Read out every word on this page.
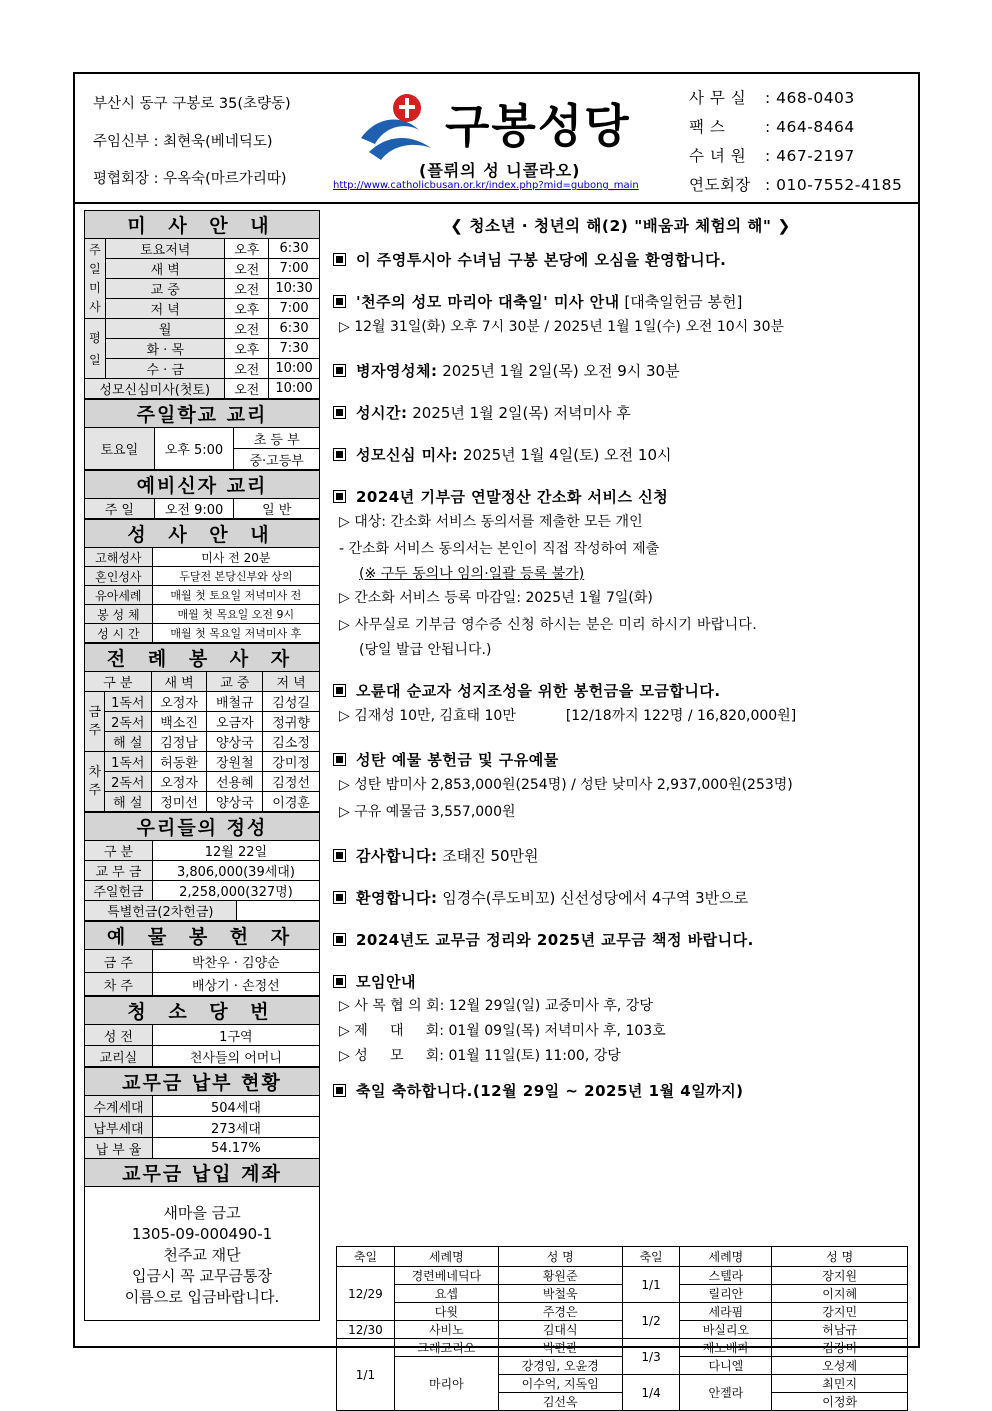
부산시 동구 구봉로 35(초량동)
주임신부 : 최현욱(베네딕도)
평협회장 : 우옥숙(마르가리따)
구봉성당
(플뤼의 성 니콜라오)
http://www.catholicbusan.or.kr/index.php?mid=gubong_main
사 무 실 : 468-0403
팩 스	: 464-8464
수 녀 원 : 467-2197
연도회장 : 010-7552-4185
미 사 안 내			
주일미사	토요저녁	오후	6:30
	새 벽	오전	7:00
	교 중	오전	10:30
	저 녁	오후	7:00
평일	월	오전	6:30
	화 · 목	오후	7:30
	수 · 금	오전	10:00
성모신심미사(첫토)		오전	10:00
주일학교 교리
토요일	오후 5:00	초 등 부
중·고등부
예비신자 교리
주 일	오전 9:00	일 반
성 사 안 내	
고해성사	미사 전 20분
혼인성사	두달전 본당신부와 상의
유아세례	매월 첫 토요일 저녁미사 전
봉 성 체	매월 첫 목요일 오전 9시
성 시 간	매월 첫 목요일 저녁미사 후
전 례 봉 사 자				
구 분		새 벽	교 중	저 녁
금주	1독서	오정자	배철규	김성길
	2독서	백소진	오금자	정귀향
	해 설	김정남	양상국	김소정
차주	1독서	허동환	장원철	강미정
	2독서	오정자	선용혜	김정선
	해 설	정미선	양상국	이경훈
우리들의 정성		
구 분	12월 22일	
교 무 금	3,806,000(39세대)	
주일헌금	2,258,000(327명)	
특별헌금(2차헌금)		
예 물 봉 헌 자	
금 주	박찬우 · 김양순
차 주	배상기 · 손정선
청 소 당 번	
성 전	1구역
교리실	천사들의 어머니
교무금 납부 현황	
수계세대	504세대
납부세대	273세대
납 부 율	54.17%
교무금 납입 계좌	
새마을 금고
1305-09-000490-1
천주교 재단
입금시 꼭 교무금통장
이름으로 입금바랍니다.
❮ 청소년 · 청년의 해(2) "배움과 체험의 해" ❯
이 주영투시아 수녀님 구봉 본당에 오심을 환영합니다.
'천주의 성모 마리아 대축일' 미사 안내 [대축일헌금 봉헌]
▷ 12월 31일(화) 오후 7시 30분 / 2025년 1월 1일(수) 오전 10시 30분
병자영성체: 2025년 1월 2일(목) 오전 9시 30분
성시간: 2025년 1월 2일(목) 저녁미사 후
성모신심 미사: 2025년 1월 4일(토) 오전 10시
2024년 기부금 연말정산 간소화 서비스 신청
▷ 대상: 간소화 서비스 동의서를 제출한 모든 개인
- 간소화 서비스 동의서는 본인이 직접 작성하여 제출
(※ 구두 동의나 임의·일괄 등록 불가)
▷ 간소화 서비스 등록 마감일: 2025년 1월 7일(화)
▷ 사무실로 기부금 영수증 신청 하시는 분은 미리 하시기 바랍니다.
(당일 발급 안됩니다.)
오륜대 순교자 성지조성을 위한 봉헌금을 모금합니다.
▷ 김재성 10만, 김효태 10만	[12/18까지 122명 / 16,820,000원]
성탄 예물 봉헌금 및 구유예물
▷ 성탄 밤미사 2,853,000원(254명) / 성탄 낮미사 2,937,000원(253명)
▷ 구유 예물금 3,557,000원
감사합니다: 조태진 50만원
환영합니다: 임경수(루도비꼬) 신선성당에서 4구역 3반으로
2024년도 교무금 정리와 2025년 교무금 책정 바랍니다.
모임안내
▷ 사 목 협 의 회: 12월 29일(일) 교중미사 후, 강당
▷ 제     대     회: 01월 09일(목) 저녁미사 후, 103호
▷ 성     모     회: 01월 11일(토) 11:00, 강당
축일 축하합니다.(12월 29일 ~ 2025년 1월 4일까지)
축일	세례명	성 명	축일	세례명	성 명
12/29	경련베네딕다	황원준	1/1	스텔라	장지원
	요셉	박철욱		릴리안	이지혜
	다윗	주경은	1/2	세라핌	강지민
12/30	사비노	김대식		바실리오	허남규
1/1	그레고리오	박편관	1/3	제노베파	김강미
	마리아	강경임, 오윤경		다니엘	오성제
		이수억, 지독임	1/4	안젤라	최민지
		김선옥			이정화
